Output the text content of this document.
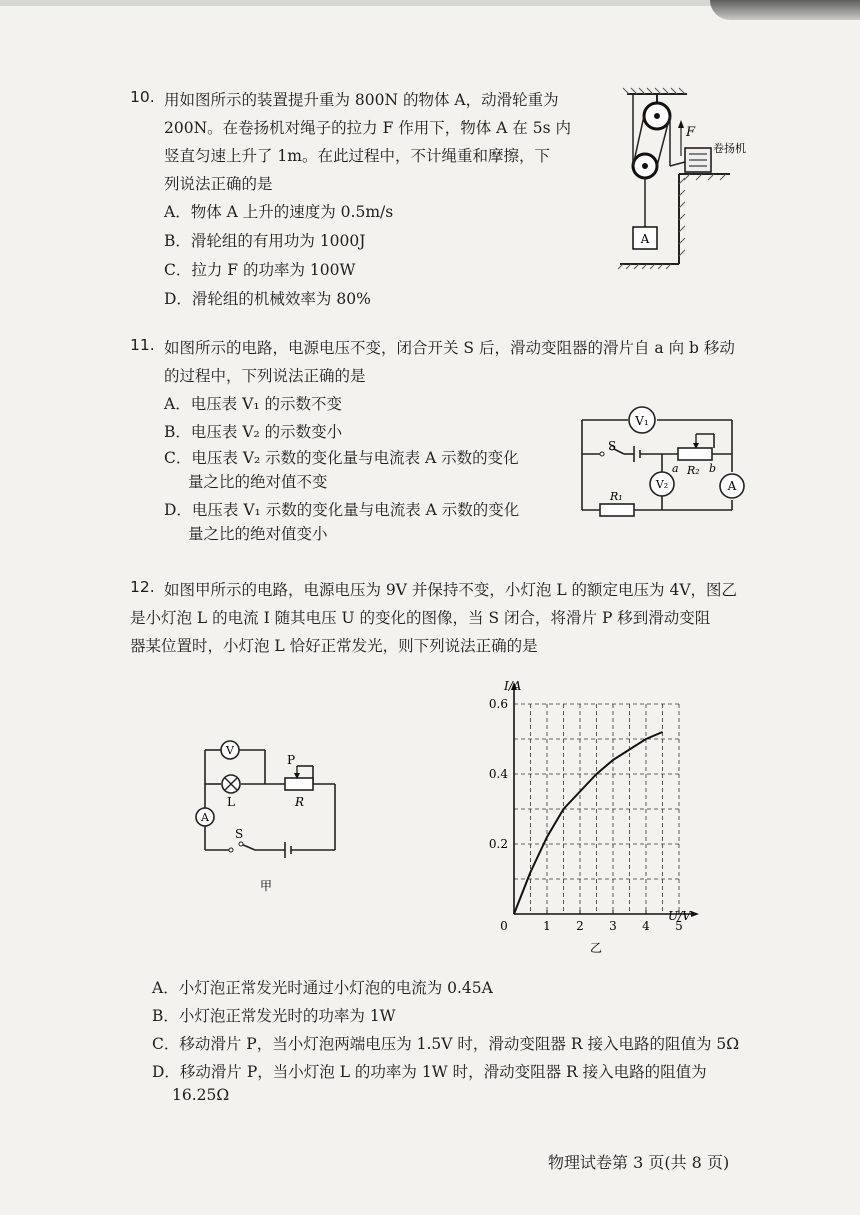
10. 用如图所示的装置提升重为 800N 的物体 A，动滑轮重为
200N。在卷扬机对绳子的拉力 F 作用下，物体 A 在 5s 内
竖直匀速上升了 1m。在此过程中，不计绳重和摩擦，下
列说法正确的是
A．物体 A 上升的速度为 0.5m/s
B．滑轮组的有用功为 1000J
C．拉力 F 的功率为 100W
D．滑轮组的机械效率为 80%
A
F
卷扬机
11. 如图所示的电路，电源电压不变，闭合开关 S 后，滑动变阻器的滑片自 a 向 b 移动
的过程中，下列说法正确的是
A．电压表 V₁ 的示数不变
B．电压表 V₂ 的示数变小
C．电压表 V₂ 示数的变化量与电流表 A 示数的变化
量之比的绝对值不变
D．电压表 V₁ 示数的变化量与电流表 A 示数的变化
量之比的绝对值变小
V₁
V₂	A
S
a R₂ b
R₁
12. 如图甲所示的电路，电源电压为 9V 并保持不变，小灯泡 L 的额定电压为 4V，图乙
是小灯泡 L 的电流 I 随其电压 U 的变化的图像，当 S 闭合，将滑片 P 移到滑动变阻
器某位置时，小灯泡 L 恰好正常发光，则下列说法正确的是
V
A
P
L	R
S
甲
0	1 2 3 4 5
0.2
0.4
0.6
I/A
U/V
乙
A．小灯泡正常发光时通过小灯泡的电流为 0.45A
B．小灯泡正常发光时的功率为 1W
C．移动滑片 P，当小灯泡两端电压为 1.5V 时，滑动变阻器 R 接入电路的阻值为 5Ω
D．移动滑片 P，当小灯泡 L 的功率为 1W 时，滑动变阻器 R 接入电路的阻值为
16.25Ω
物理试卷第 3 页(共 8 页)
